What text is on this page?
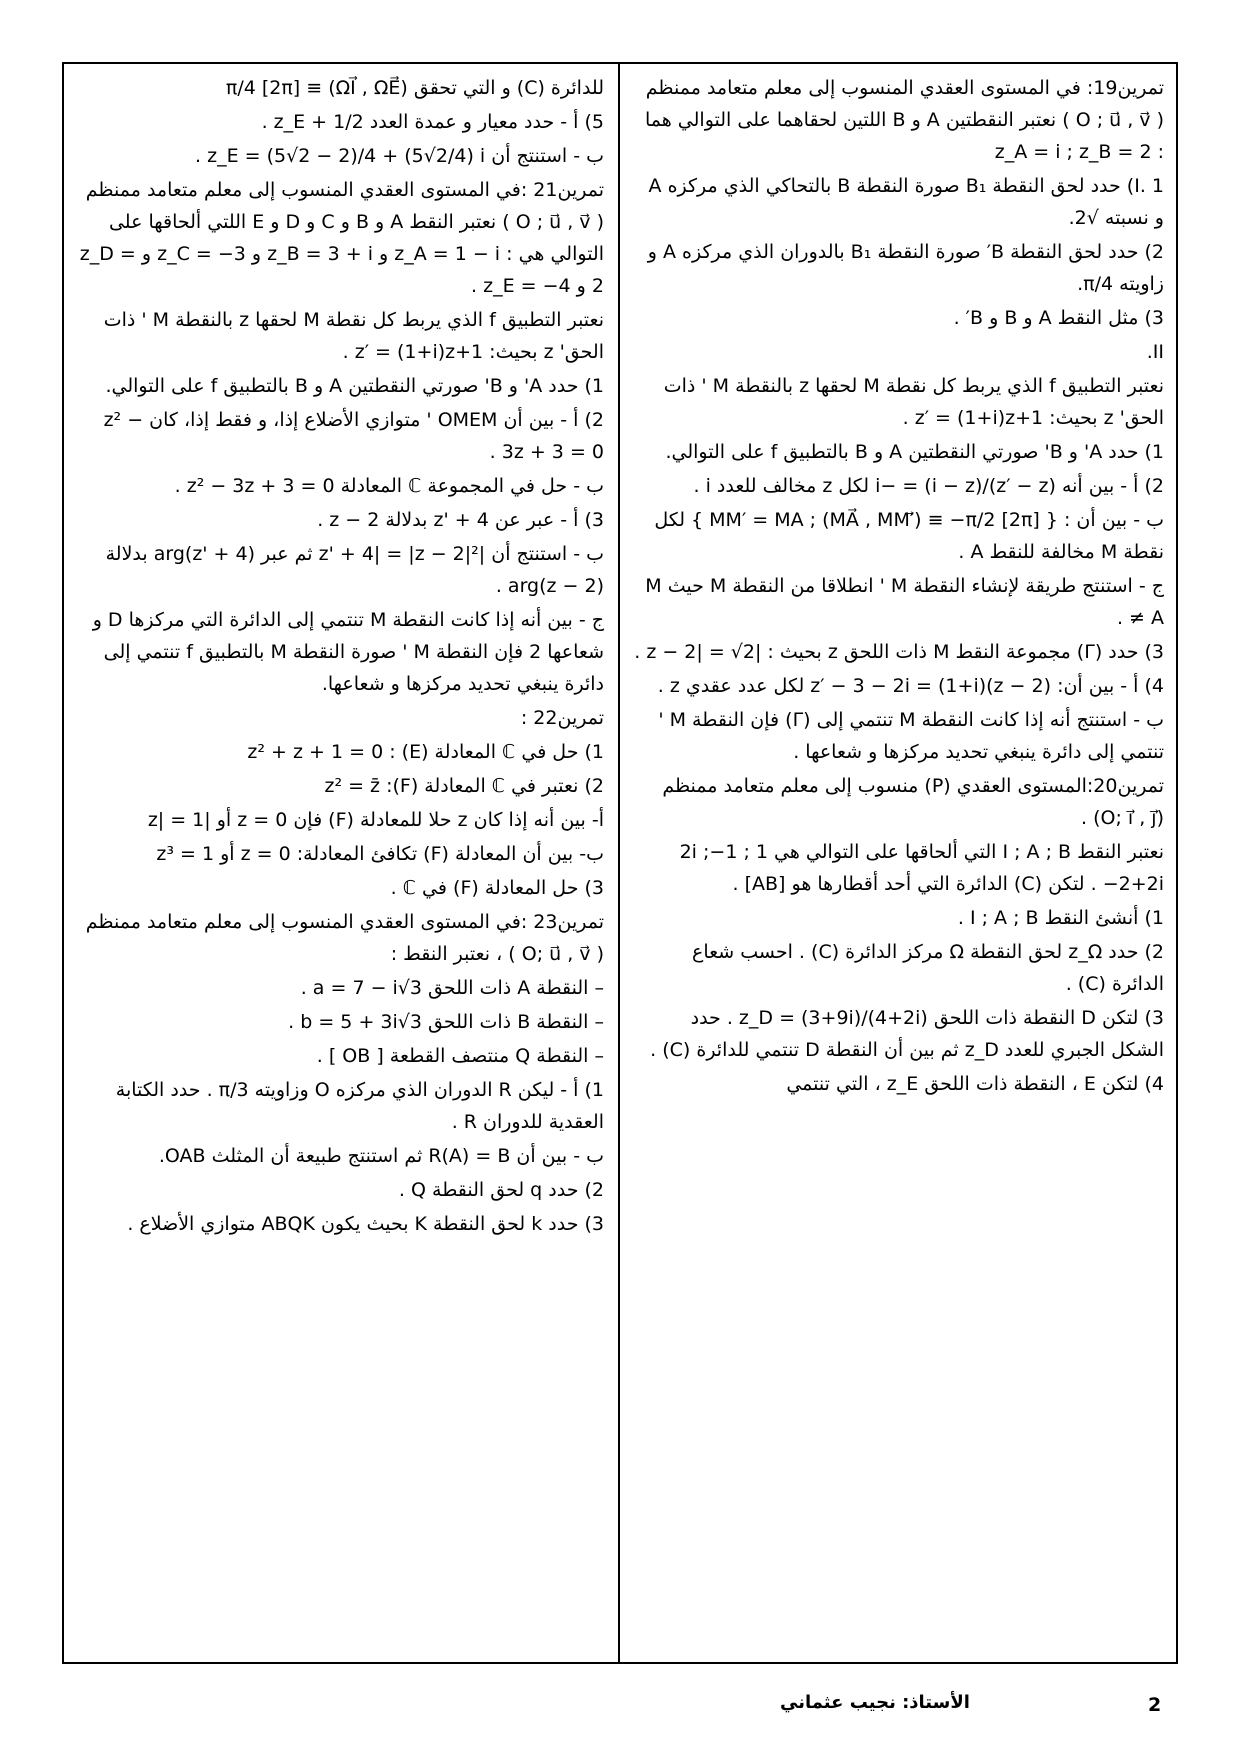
تمرين19: في المستوى العقدي المنسوب إلى معلم متعامد ممنظم ( O ; u⃗ , v⃗ ) نعتبر النقطتين A و B اللتين لحقاهما على التوالي هما : z_A = i ; z_B = 2

I. 1) حدد لحق النقطة B₁ صورة النقطة B بالتحاكي الذي مركزه A و نسبته √2.

2) حدد لحق النقطة B′ صورة النقطة B₁ بالدوران الذي مركزه A و زاويته π/4.

3) مثل النقط A و B و B′ .

II.

نعتبر التطبيق f الذي يربط كل نقطة M لحقها z بالنقطة M ' ذات الحق' z بحيث: z′ = (1+i)z+1 .

1) حدد A' و B' صورتي النقطتين A و B بالتطبيق f على التوالي.

2) أ - بين أنه (z′ − z)/(i − z) = −i لكل z مخالف للعدد i .

ب - بين أن : { MM′ = MA ; (MA⃗ , MM′⃗) ≡ −π/2 [2π] } لكل نقطة M مخالفة للنقط A .

ج - استنتج طريقة لإنشاء النقطة M ' انطلاقا من النقطة M حيث M ≠ A .

3) حدد (Γ) مجموعة النقط M ذات اللحق z بحيث : |z − 2| = √2 .

4) أ - بين أن: z′ − 3 − 2i = (1+i)(z − 2) لكل عدد عقدي z .

ب - استنتج أنه إذا كانت النقطة M تنتمي إلى (Γ) فإن النقطة M ' تنتمي إلى دائرة ينبغي تحديد مركزها و شعاعها .

تمرين20:المستوى العقدي (P) منسوب إلى معلم متعامد ممنظم (O; i⃗ , j⃗) .

نعتبر النقط I ; A ; B التي ألحاقها على التوالي هي 1 ; 1−2i ; −2+2i . لتكن (C) الدائرة التي أحد أقطارها هو [AB] .

1) أنشئ النقط I ; A ; B .

2) حدد z_Ω لحق النقطة Ω مركز الدائرة (C) . احسب شعاع الدائرة (C) .

3) لتكن D النقطة ذات اللحق z_D = (3+9i)/(4+2i) . حدد الشكل الجبري للعدد z_D ثم بين أن النقطة D تنتمي للدائرة (C) .

4) لتكن E ، النقطة ذات اللحق z_E ، التي تنتمي

للدائرة (C) و التي تحقق (ΩI⃗ , ΩE⃗) ≡ π/4 [2π]

5) أ - حدد معيار و عمدة العدد z_E + 1/2 .

ب - استنتج أن z_E = (5√2 − 2)/4 + (5√2/4) i .

تمرين21 :في المستوى العقدي المنسوب إلى معلم متعامد ممنظم ( O ; u⃗ , v⃗ ) نعتبر النقط A و B و C و D و E اللتي ألحاقها على التوالي هي : z_A = 1 − i و z_B = 3 + i و z_C = −3 و z_D = 2 و z_E = −4 .

نعتبر التطبيق f الذي يربط كل نقطة M لحقها z بالنقطة M ' ذات الحق' z بحيث: z′ = (1+i)z+1 .

1) حدد A' و B' صورتي النقطتين A و B بالتطبيق f على التوالي.

2) أ - بين أن OMEM ' متوازي الأضلاع إذا، و فقط إذا، كان z² − 3z + 3 = 0 .

ب - حل في المجموعة ℂ المعادلة z² − 3z + 3 = 0 .

3) أ - عبر عن z' + 4 بدلالة z − 2 .

ب - استنتج أن |z' + 4| = |z − 2|² ثم عبر arg(z' + 4) بدلالة arg(z − 2) .

ج - بين أنه إذا كانت النقطة M تنتمي إلى الدائرة التي مركزها D و شعاعها 2 فإن النقطة M ' صورة النقطة M بالتطبيق f تنتمي إلى دائرة ينبغي تحديد مركزها و شعاعها.

تمرين22 :

1) حل في ℂ المعادلة (E) : z² + z + 1 = 0

2) نعتبر في ℂ المعادلة (F): z² = z̄

أ- بين أنه إذا كان z حلا للمعادلة (F) فإن z = 0 أو |z| = 1

ب- بين أن المعادلة (F) تكافئ المعادلة: z = 0 أو z³ = 1

3) حل المعادلة (F) في ℂ .

تمرين23 :في المستوى العقدي المنسوب إلى معلم متعامد ممنظم ( O; u⃗ , v⃗ ) ، نعتبر النقط :

– النقطة A ذات اللحق a = 7 − i√3 .

– النقطة B ذات اللحق b = 5 + 3i√3 .

– النقطة Q منتصف القطعة [ OB ] .

1) أ - ليكن R الدوران الذي مركزه O وزاويته π/3 . حدد الكتابة العقدية للدوران R .

ب - بين أن R(A) = B ثم استنتج طبيعة أن المثلث OAB.

2) حدد q لحق النقطة Q .

3) حدد k لحق النقطة K بحيث يكون ABQK متوازي الأضلاع .

2
الأستاذ: نجيب عثماني
